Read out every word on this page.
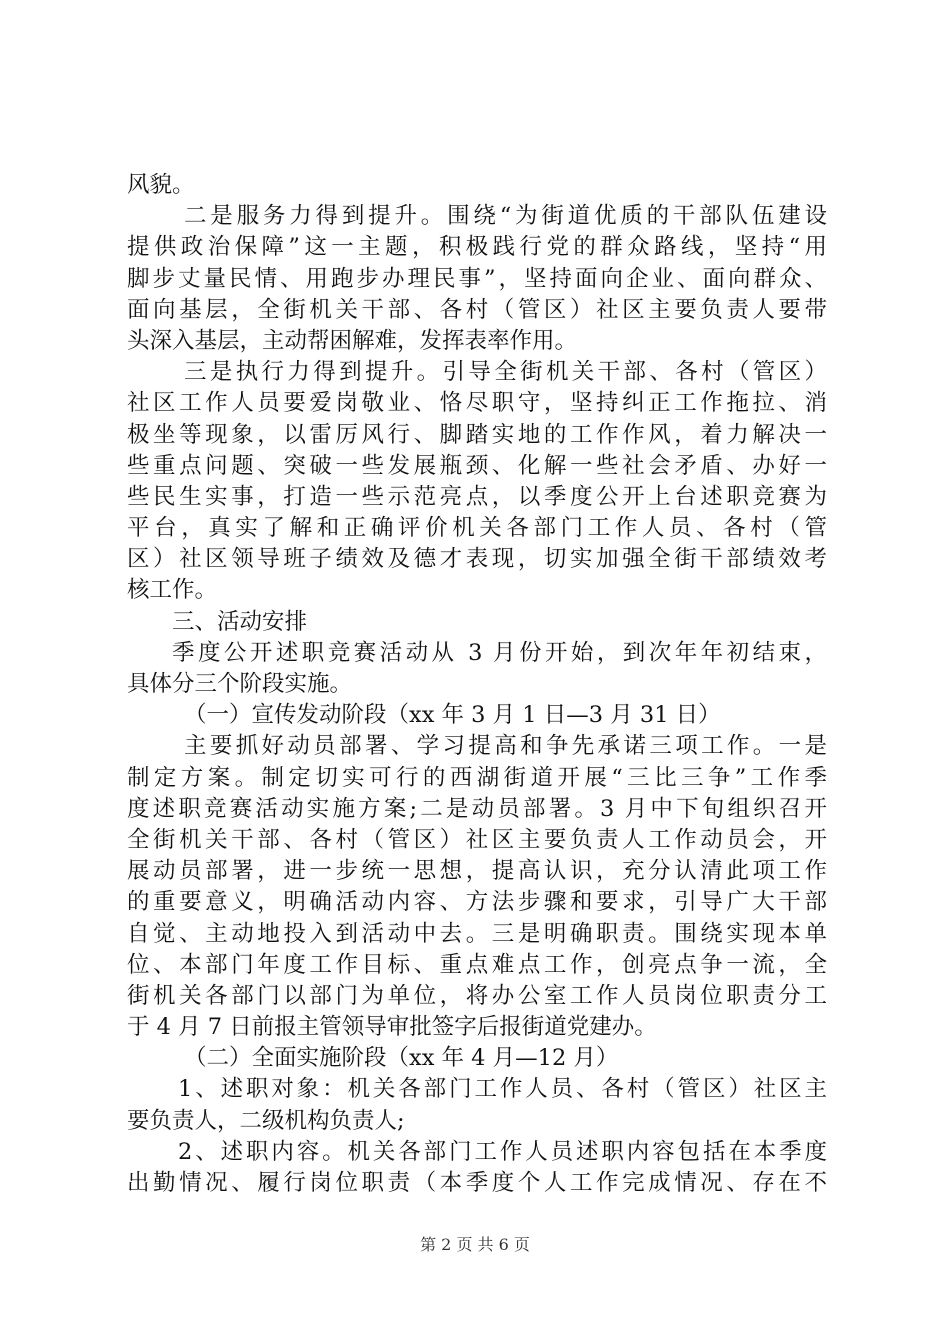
风貌。
二是服务力得到提升。围绕“为街道优质的干部队伍建设
提供政治保障”这一主题，积极践行党的群众路线，坚持“用
脚步丈量民情、用跑步办理民事”，坚持面向企业、面向群众、
面向基层，全街机关干部、各村（管区）社区主要负责人要带
头深入基层，主动帮困解难，发挥表率作用。
三是执行力得到提升。引导全街机关干部、各村（管区）
社区工作人员要爱岗敬业、恪尽职守，坚持纠正工作拖拉、消
极坐等现象，以雷厉风行、脚踏实地的工作作风，着力解决一
些重点问题、突破一些发展瓶颈、化解一些社会矛盾、办好一
些民生实事，打造一些示范亮点，以季度公开上台述职竞赛为
平台，真实了解和正确评价机关各部门工作人员、各村（管
区）社区领导班子绩效及德才表现，切实加强全街干部绩效考
核工作。
三、活动安排
季度公开述职竞赛活动从 3 月份开始，到次年年初结束，
具体分三个阶段实施。
（一）宣传发动阶段（xx 年 3 月 1 日—3 月 31 日）
主要抓好动员部署、学习提高和争先承诺三项工作。一是
制定方案。制定切实可行的西湖街道开展“三比三争”工作季
度述职竞赛活动实施方案;二是动员部署。3 月中下旬组织召开
全街机关干部、各村（管区）社区主要负责人工作动员会，开
展动员部署，进一步统一思想，提高认识，充分认清此项工作
的重要意义，明确活动内容、方法步骤和要求，引导广大干部
自觉、主动地投入到活动中去。三是明确职责。围绕实现本单
位、本部门年度工作目标、重点难点工作，创亮点争一流，全
街机关各部门以部门为单位，将办公室工作人员岗位职责分工
于 4 月 7 日前报主管领导审批签字后报街道党建办。
（二）全面实施阶段（xx 年 4 月—12 月）
1、述职对象：机关各部门工作人员、各村（管区）社区主
要负责人，二级机构负责人;
2、述职内容。机关各部门工作人员述职内容包括在本季度
出勤情况、履行岗位职责（本季度个人工作完成情况、存在不
第 2 页 共 6 页
